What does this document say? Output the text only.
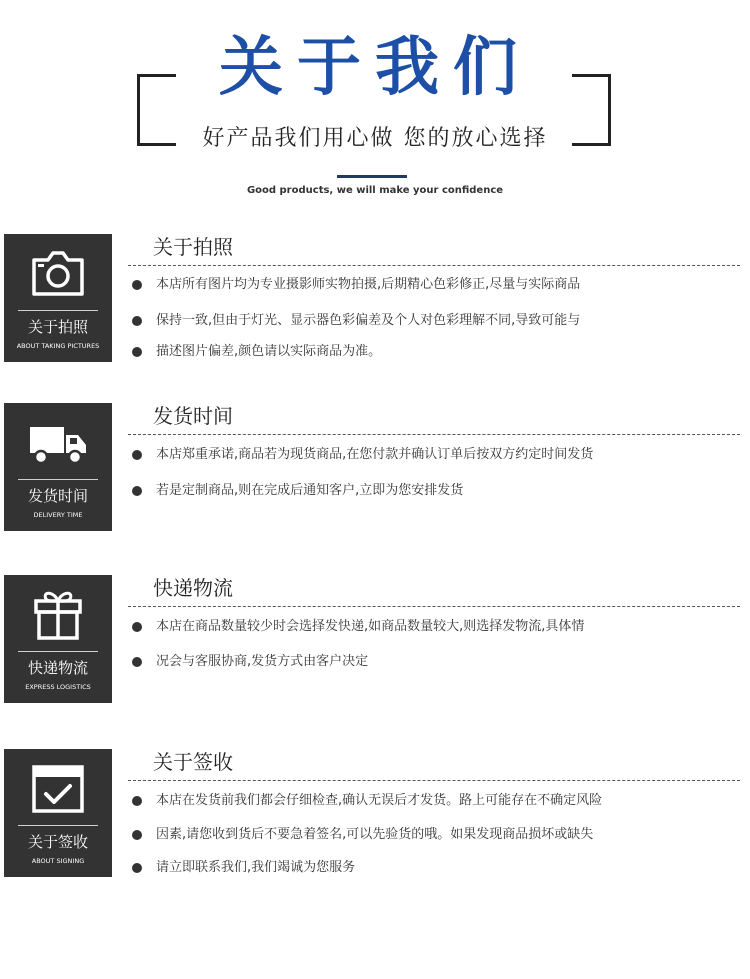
关于我们
好产品我们用心做 您的放心选择
Good products, we will make your confidence
关于拍照
ABOUT TAKING PICTURES
关于拍照
本店所有图片均为专业摄影师实物拍摄,后期精心色彩修正,尽量与实际商品
保持一致,但由于灯光、显示器色彩偏差及个人对色彩理解不同,导致可能与
描述图片偏差,颜色请以实际商品为准。
发货时间
DELIVERY TIME
发货时间
本店郑重承诺,商品若为现货商品,在您付款并确认订单后按双方约定时间发货
若是定制商品,则在完成后通知客户,立即为您安排发货
快递物流
EXPRESS LOGISTICS
快递物流
本店在商品数量较少时会选择发快递,如商品数量较大,则选择发物流,具体情
况会与客服协商,发货方式由客户决定
关于签收
ABOUT SIGNING
关于签收
本店在发货前我们都会仔细检查,确认无误后才发货。路上可能存在不确定风险
因素,请您收到货后不要急着签名,可以先验货的哦。如果发现商品损坏或缺失
请立即联系我们,我们竭诚为您服务
